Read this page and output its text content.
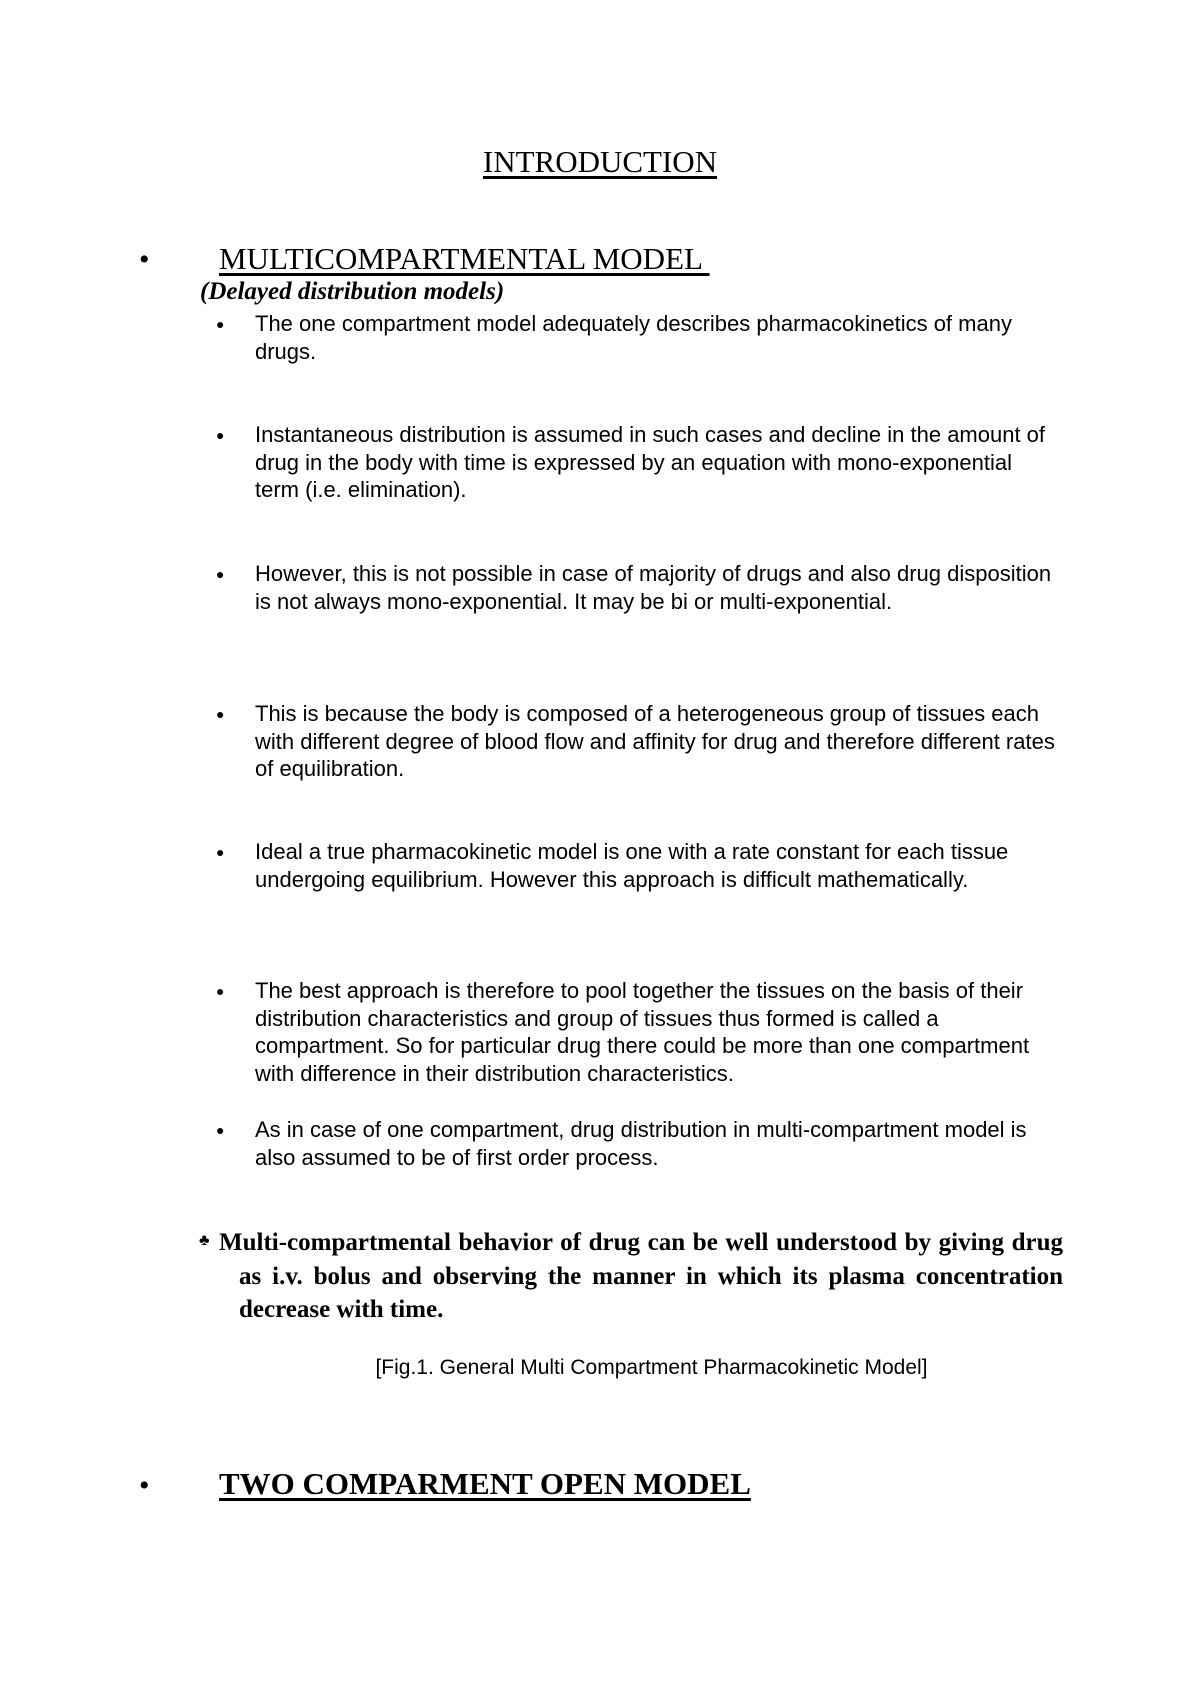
INTRODUCTION
• MULTICOMPARTMENTAL MODEL
(Delayed distribution models)
● The one compartment model adequately describes pharmacokinetics of many drugs.
● Instantaneous distribution is assumed in such cases and decline in the amount of drug in the body with time is expressed by an equation with mono-exponential term (i.e. elimination).
● However, this is not possible in case of majority of drugs and also drug disposition is not always mono-exponential. It may be bi or multi-exponential.
● This is because the body is composed of a heterogeneous group of tissues each with different degree of blood flow and affinity for drug and therefore different rates of equilibration.
● Ideal a true pharmacokinetic model is one with a rate constant for each tissue undergoing equilibrium. However this approach is difficult mathematically.
● The best approach is therefore to pool together the tissues on the basis of their distribution characteristics and group of tissues thus formed is called a compartment. So for particular drug there could be more than one compartment with difference in their distribution characteristics.
● As in case of one compartment, drug distribution in multi-compartment model is also assumed to be of first order process.
♣ Multi-compartmental behavior of drug can be well understood by giving drug as i.v. bolus and observing the manner in which its plasma concentration decrease with time.
[Fig.1. General Multi Compartment Pharmacokinetic Model]
• TWO COMPARMENT OPEN MODEL
